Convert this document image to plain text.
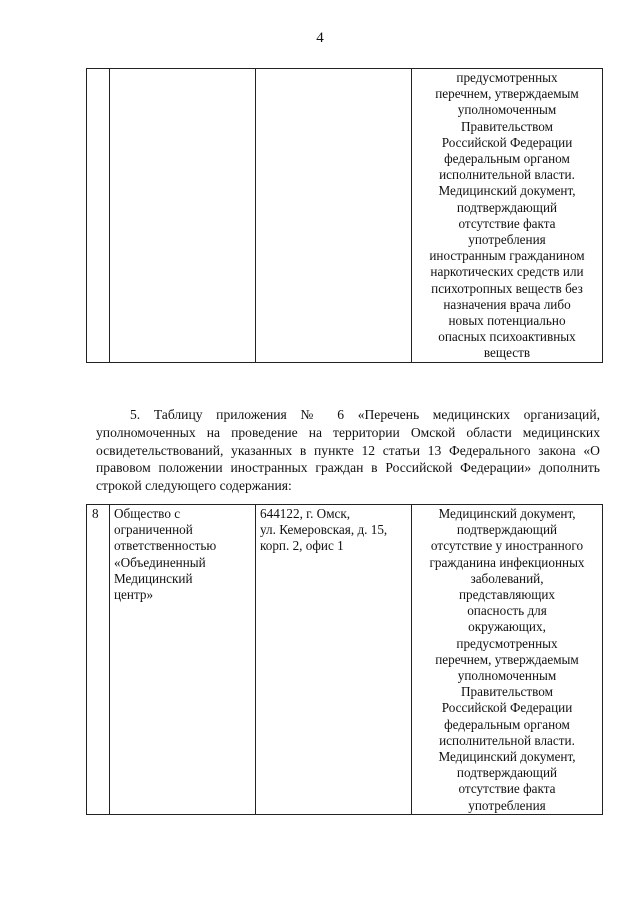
4
			предусмотренных
перечнем, утверждаемым
уполномоченным
Правительством
Российской Федерации
федеральным органом
исполнительной власти.
Медицинский документ,
подтверждающий
отсутствие факта
употребления
иностранным гражданином
наркотических средств или
психотропных веществ без
назначения врача либо
новых потенциально
опасных психоактивных
веществ
5. Таблицу приложения № 6 «Перечень медицинских организаций, уполномоченных на проведение на территории Омской области медицинских освидетельствований, указанных в пункте 12 статьи 13 Федерального закона «О правовом положении иностранных граждан в Российской Федерации» дополнить строкой следующего содержания:
8	Общество с
ограниченной
ответственностью
«Объединенный
Медицинский
центр»	644122, г. Омск,
ул. Кемеровская, д. 15,
корп. 2, офис 1	Медицинский документ,
подтверждающий
отсутствие у иностранного
гражданина инфекционных
заболеваний,
представляющих
опасность для
окружающих,
предусмотренных
перечнем, утверждаемым
уполномоченным
Правительством
Российской Федерации
федеральным органом
исполнительной власти.
Медицинский документ,
подтверждающий
отсутствие факта
употребления
